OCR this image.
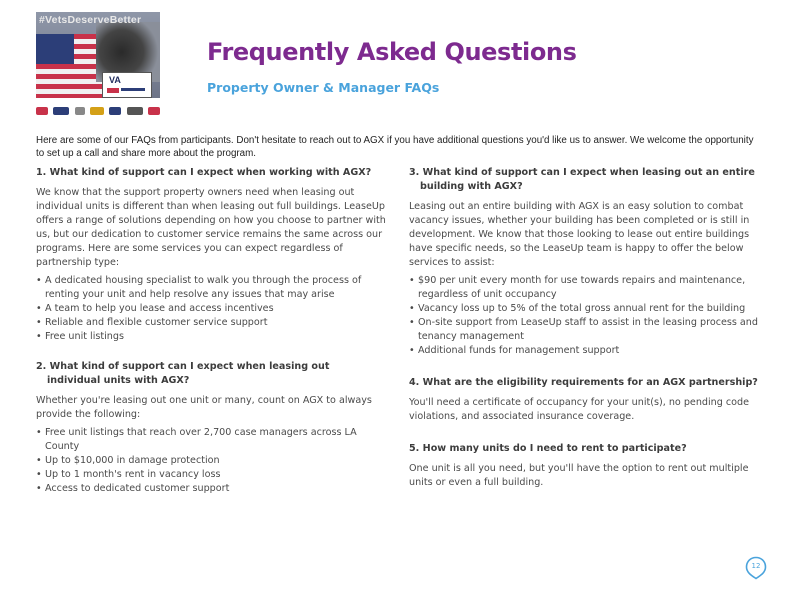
#VetsDeserveBetter
VA
Frequently Asked Questions
Property Owner & Manager FAQs

Here are some of our FAQs from participants. Don't hesitate to reach out to AGX if you have additional questions you'd like us to answer. We welcome the opportunity to set up a call and share more about the program.

1. What kind of support can I expect when working with AGX?

We know that the support property owners need when leasing out individual units is different than when leasing out full buildings. LeaseUp offers a range of solutions depending on how you choose to partner with us, but our dedication to customer service remains the same across our programs. Here are some services you can expect regardless of partnership type:

• A dedicated housing specialist to walk you through the process of renting your unit and help resolve any issues that may arise
• A team to help you lease and access incentives
• Reliable and flexible customer service support
• Free unit listings

2. What kind of support can I expect when leasing out individual units with AGX?

Whether you're leasing out one unit or many, count on AGX to always provide the following:

• Free unit listings that reach over 2,700 case managers across LA County
• Up to $10,000 in damage protection
• Up to 1 month's rent in vacancy loss
• Access to dedicated customer support

3. What kind of support can I expect when leasing out an entire building with AGX?

Leasing out an entire building with AGX is an easy solution to combat vacancy issues, whether your building has been completed or is still in development. We know that those looking to lease out entire buildings have specific needs, so the LeaseUp team is happy to offer the below services to assist:

• $90 per unit every month for use towards repairs and maintenance, regardless of unit occupancy
• Vacancy loss up to 5% of the total gross annual rent for the building
• On-site support from LeaseUp staff to assist in the leasing process and tenancy management
• Additional funds for management support

4. What are the eligibility requirements for an AGX partnership?

You'll need a certificate of occupancy for your unit(s), no pending code violations, and associated insurance coverage.

5. How many units do I need to rent to participate?

One unit is all you need, but you'll have the option to rent out multiple units or even a full building.

12
